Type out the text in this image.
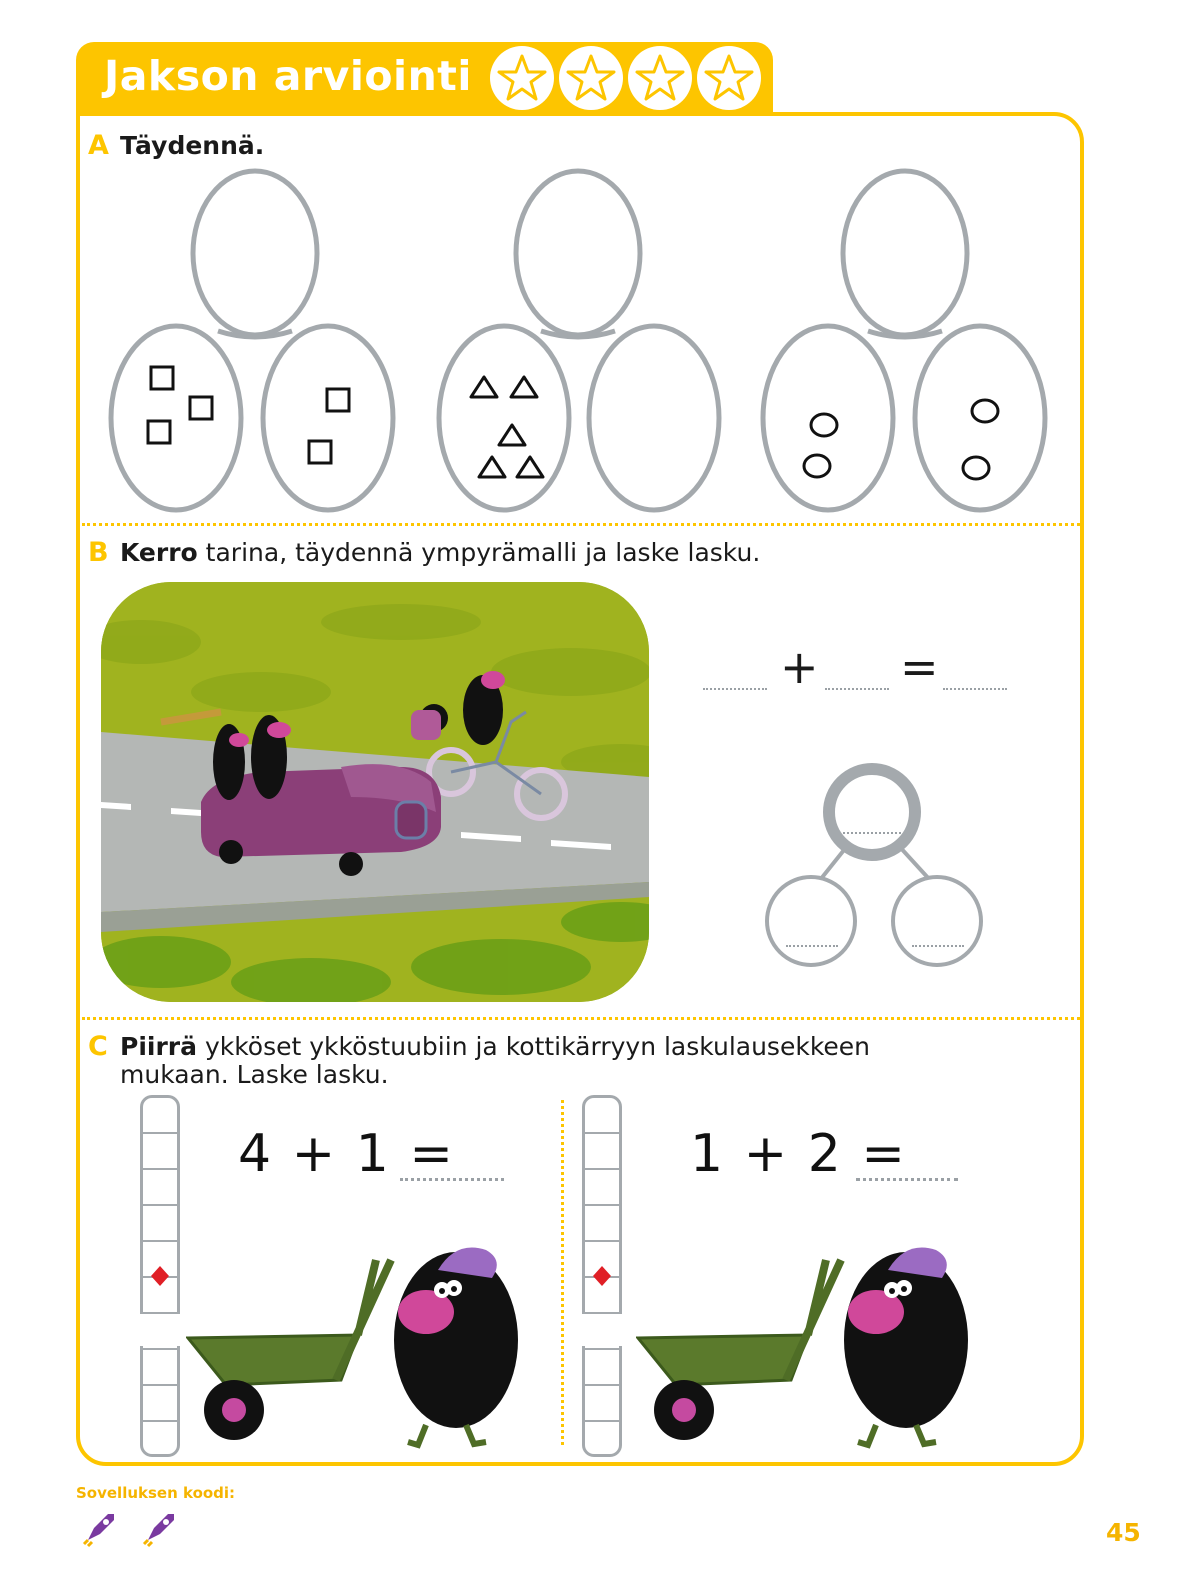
Jakson arviointi
A Täydennä.
B Kerro tarina, täydennä ympyrämalli ja laske lasku.
+ =
C Piirrä ykköset ykköstuubiin ja kottikärryyn laskulausekkeen
mukaan. Laske lasku.
4 + 1 =	1 + 2 =
Sovelluksen koodi:
45
